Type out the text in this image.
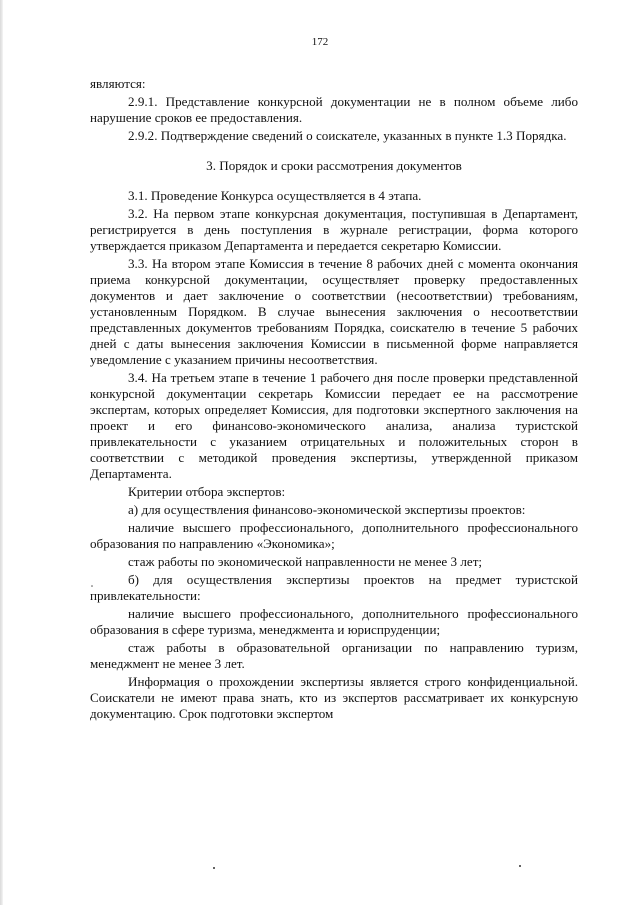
172

являются:

2.9.1. Представление конкурсной документации не в полном объеме либо нарушение сроков ее предоставления.

2.9.2. Подтверждение сведений о соискателе, указанных в пункте 1.3 Порядка.

3. Порядок и сроки рассмотрения документов

3.1. Проведение Конкурса осуществляется в 4 этапа.

3.2. На первом этапе конкурсная документация, поступившая в Департамент, регистрируется в день поступления в журнале регистрации, форма которого утверждается приказом Департамента и передается секретарю Комиссии.

3.3. На втором этапе Комиссия в течение 8 рабочих дней с момента окончания приема конкурсной документации, осуществляет проверку предоставленных документов и дает заключение о соответствии (несоответствии) требованиям, установленным Порядком. В случае вынесения заключения о несоответствии представленных документов требованиям Порядка, соискателю в течение 5 рабочих дней с даты вынесения заключения Комиссии в письменной форме направляется уведомление с указанием причины несоответствия.

3.4. На третьем этапе в течение 1 рабочего дня после проверки представленной конкурсной документации секретарь Комиссии передает ее на рассмотрение экспертам, которых определяет Комиссия, для подготовки экспертного заключения на проект и его финансово-экономического анализа, анализа туристской привлекательности с указанием отрицательных и положительных сторон в соответствии с методикой проведения экспертизы, утвержденной приказом Департамента.

Критерии отбора экспертов:

а) для осуществления финансово-экономической экспертизы проектов:

наличие высшего профессионального, дополнительного профессионального образования по направлению «Экономика»;

стаж работы по экономической направленности не менее 3 лет;

б) для осуществления экспертизы проектов на предмет туристской привлекательности:

наличие высшего профессионального, дополнительного профессионального образования в сфере туризма, менеджмента и юриспруденции;

стаж работы в образовательной организации по направлению туризм, менеджмент не менее 3 лет.

Информация о прохождении экспертизы является строго конфиденциальной. Соискатели не имеют права знать, кто из экспертов рассматривает их конкурсную документацию. Срок подготовки экспертом
